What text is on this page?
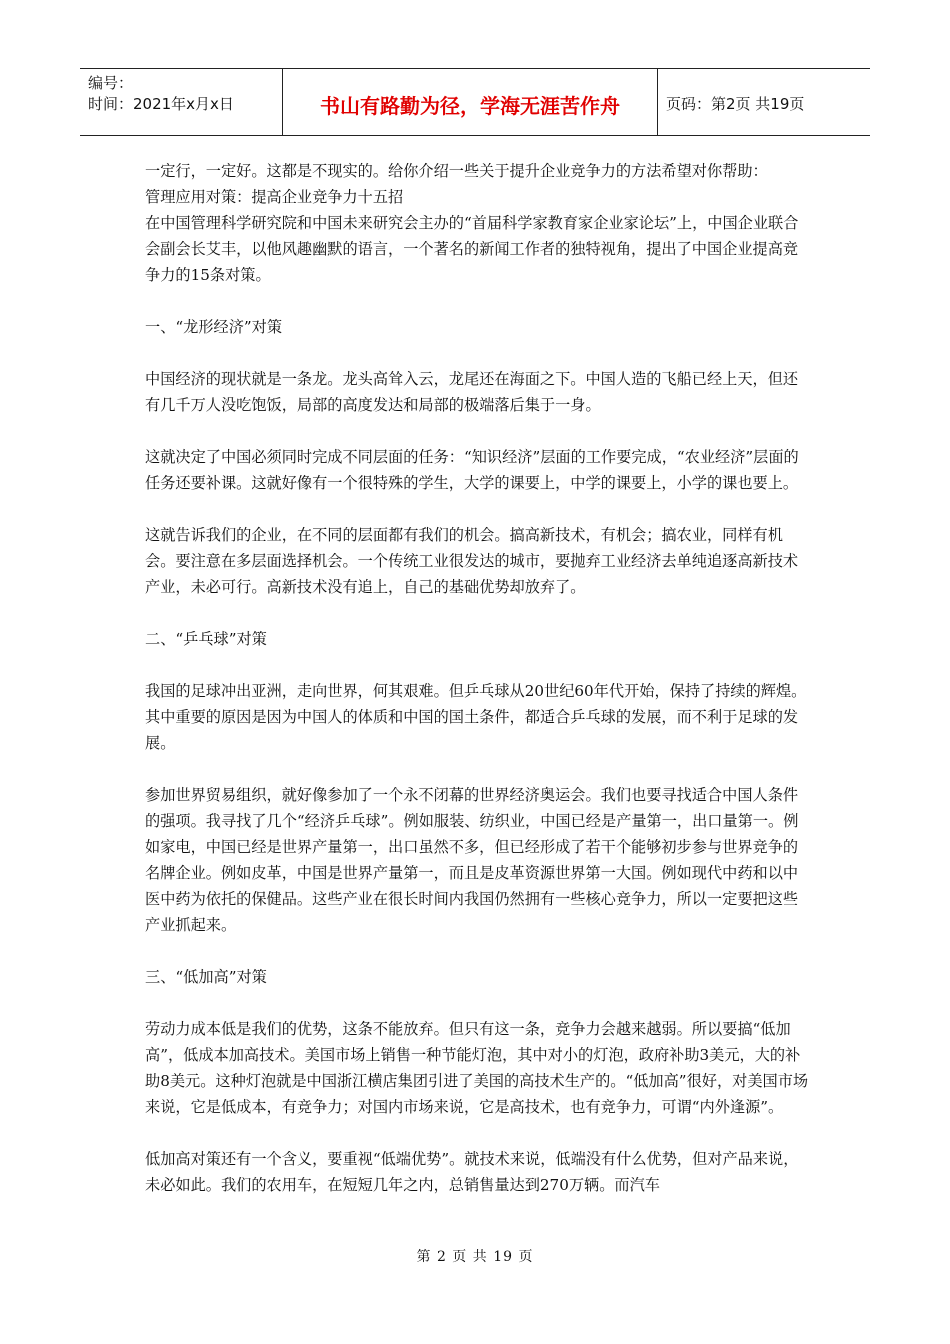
编号：
时间：2021年x月x日	书山有路勤为径，学海无涯苦作舟	页码：第2页 共19页

一定行，一定好。这都是不现实的。给你介绍一些关于提升企业竞争力的方法希望对你帮助：

管理应用对策：提高企业竞争力十五招

在中国管理科学研究院和中国未来研究会主办的“首届科学家教育家企业家论坛”上，中国企业联合会副会长艾丰，以他风趣幽默的语言，一个著名的新闻工作者的独特视角，提出了中国企业提高竞争力的15条对策。

一、“龙形经济”对策

中国经济的现状就是一条龙。龙头高耸入云，龙尾还在海面之下。中国人造的飞船已经上天，但还有几千万人没吃饱饭，局部的高度发达和局部的极端落后集于一身。

这就决定了中国必须同时完成不同层面的任务：“知识经济”层面的工作要完成，“农业经济”层面的任务还要补课。这就好像有一个很特殊的学生，大学的课要上，中学的课要上，小学的课也要上。

这就告诉我们的企业，在不同的层面都有我们的机会。搞高新技术，有机会；搞农业，同样有机会。要注意在多层面选择机会。一个传统工业很发达的城市，要抛弃工业经济去单纯追逐高新技术产业，未必可行。高新技术没有追上，自己的基础优势却放弃了。

二、“乒乓球”对策

我国的足球冲出亚洲，走向世界，何其艰难。但乒乓球从20世纪60年代开始，保持了持续的辉煌。其中重要的原因是因为中国人的体质和中国的国土条件，都适合乒乓球的发展，而不利于足球的发展。

参加世界贸易组织，就好像参加了一个永不闭幕的世界经济奥运会。我们也要寻找适合中国人条件的强项。我寻找了几个“经济乒乓球”。例如服装、纺织业，中国已经是产量第一，出口量第一。例如家电，中国已经是世界产量第一，出口虽然不多，但已经形成了若干个能够初步参与世界竞争的名牌企业。例如皮革，中国是世界产量第一，而且是皮革资源世界第一大国。例如现代中药和以中医中药为依托的保健品。这些产业在很长时间内我国仍然拥有一些核心竞争力，所以一定要把这些产业抓起来。

三、“低加高”对策

劳动力成本低是我们的优势，这条不能放弃。但只有这一条，竞争力会越来越弱。所以要搞“低加高”，低成本加高技术。美国市场上销售一种节能灯泡，其中对小的灯泡，政府补助3美元，大的补助8美元。这种灯泡就是中国浙江横店集团引进了美国的高技术生产的。“低加高”很好，对美国市场来说，它是低成本，有竞争力；对国内市场来说，它是高技术，也有竞争力，可谓“内外逢源”。

低加高对策还有一个含义，要重视“低端优势”。就技术来说，低端没有什么优势，但对产品来说，未必如此。我们的农用车，在短短几年之内，总销售量达到270万辆。而汽车

第 2 页 共 19 页
